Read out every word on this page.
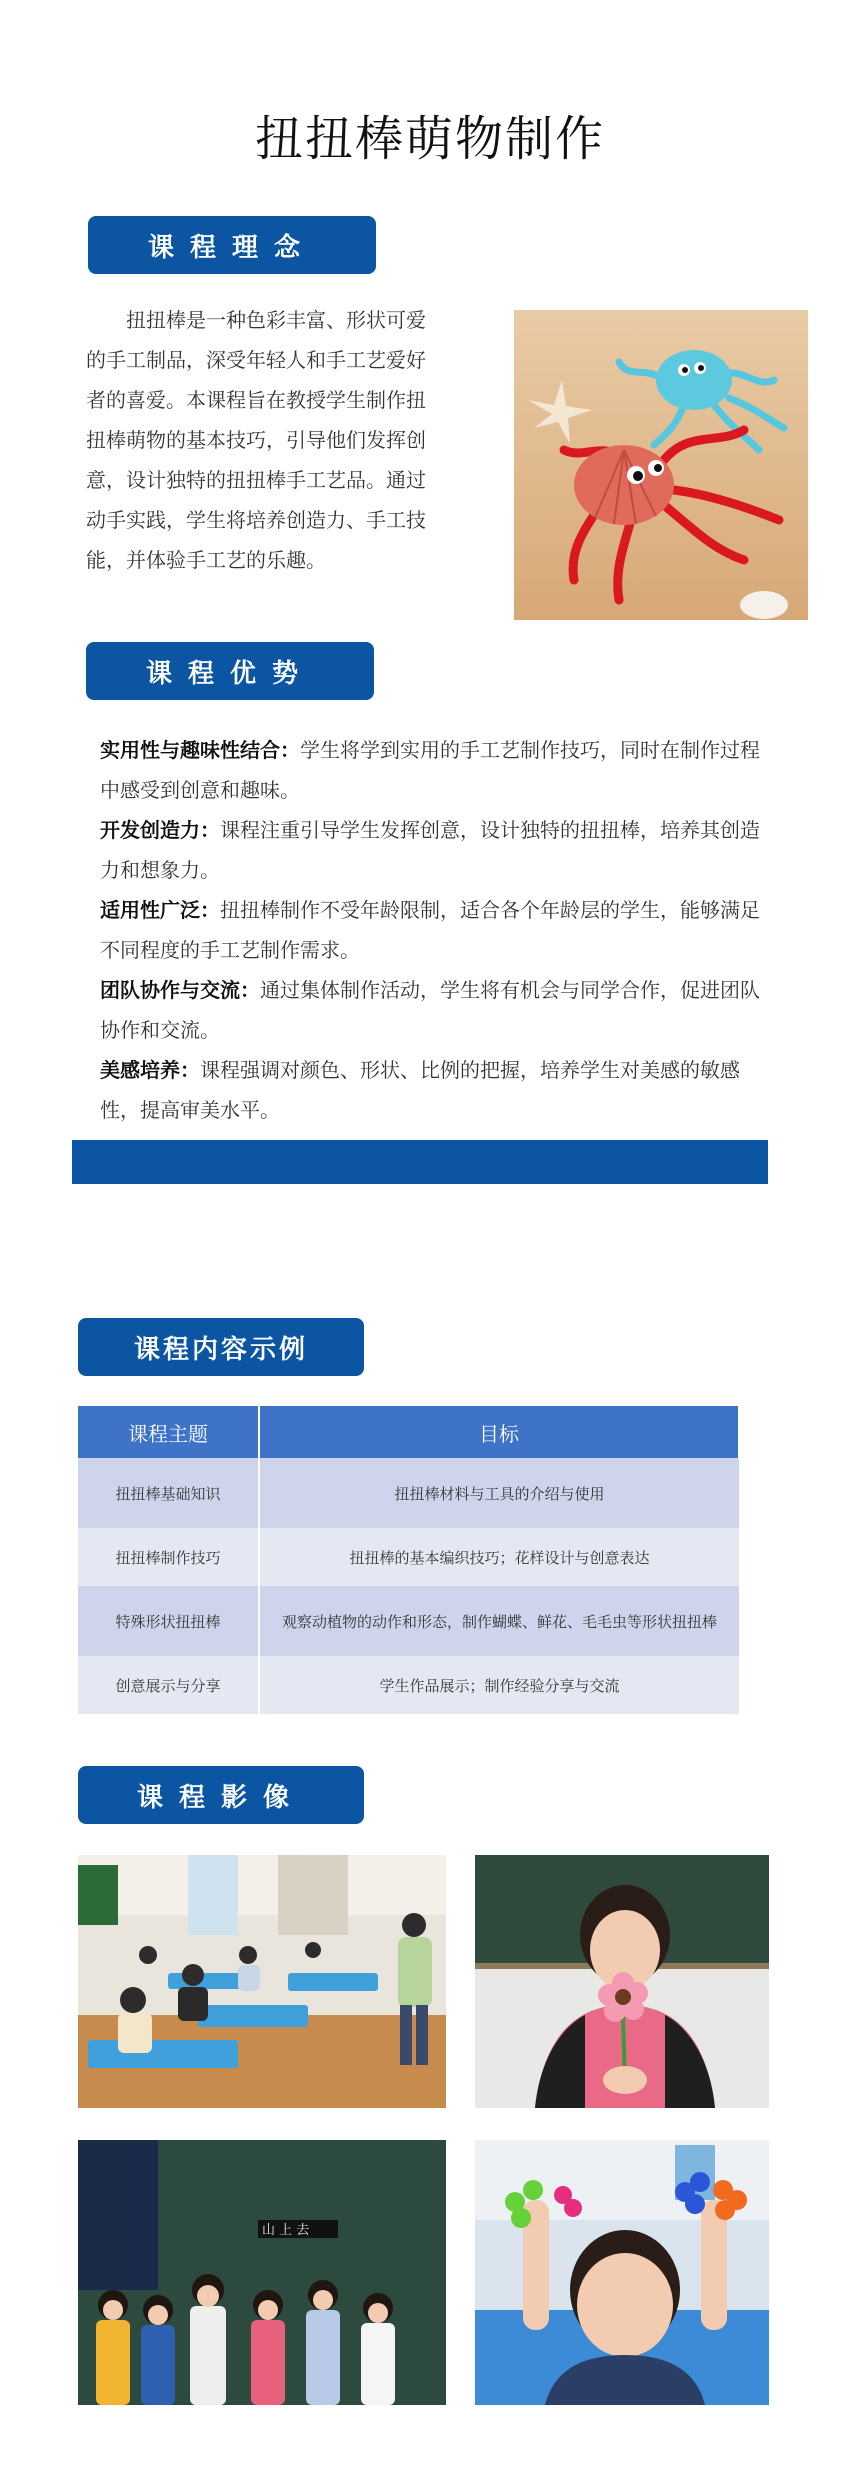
扭扭棒萌物制作
课程理念
扭扭棒是一种色彩丰富、形状可爱的手工制品，深受年轻人和手工艺爱好者的喜爱。本课程旨在教授学生制作扭扭棒萌物的基本技巧，引导他们发挥创意，设计独特的扭扭棒手工艺品。通过动手实践，学生将培养创造力、手工技能，并体验手工艺的乐趣。
课程优势

实用性与趣味性结合：学生将学到实用的手工艺制作技巧，同时在制作过程中感受到创意和趣味。

开发创造力：课程注重引导学生发挥创意，设计独特的扭扭棒，培养其创造力和想象力。

适用性广泛：扭扭棒制作不受年龄限制，适合各个年龄层的学生，能够满足不同程度的手工艺制作需求。

团队协作与交流：通过集体制作活动，学生将有机会与同学合作，促进团队协作和交流。

美感培养：课程强调对颜色、形状、比例的把握，培养学生对美感的敏感性，提高审美水平。

课程内容示例
课程主题	目标
扭扭棒基础知识	扭扭棒材料与工具的介绍与使用
扭扭棒制作技巧	扭扭棒的基本编织技巧；花样设计与创意表达
特殊形状扭扭棒	观察动植物的动作和形态，制作蝴蝶、鲜花、毛毛虫等形状扭扭棒
创意展示与分享	学生作品展示；制作经验分享与交流
课程影像
山 上 去
